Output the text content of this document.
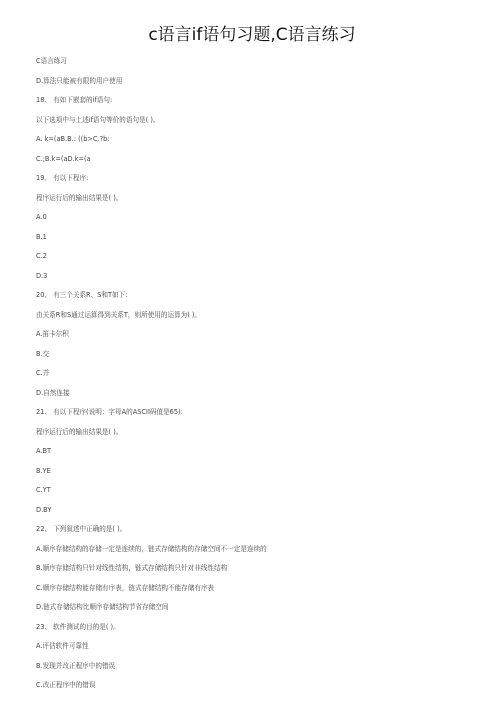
c语言if语句习题,C语言练习
C语言练习
D.算法只能被有限的用户使用
18、 有如下嵌套的if语句:
以下选项中与上述if语句等价的语句是( )。
A. k=(aB.B.: ((b>C.?b:
C.;B.k=(aD.k=(a
19、 有以下程序:
程序运行后的输出结果是( )。
A.0
B.1
C.2
D.3
20、 有三个关系R、S和T如下:
由关系R和S通过运算得到关系T，则所使用的运算为( )。
A.笛卡尔积
B.交
C.并
D.自然连接
21、 有以下程序(说明：字母A的ASCII码值是65):
程序运行后的输出结果是( )。
A.BT
B.YE
C.YT
D.BY
22、 下列叙述中正确的是( )。
A.顺序存储结构的存储一定是连续的，链式存储结构的存储空间不一定是连续的
B.顺序存储结构只针对线性结构，链式存储结构只针对非线性结构
C.顺序存储结构能存储有序表，链式存储结构不能存储有序表
D.链式存储结构比顺序存储结构节省存储空间
23、 软件测试的目的是( )。
A.评估软件可靠性
B.发现并改正程序中的错误
C.改正程序中的错误
